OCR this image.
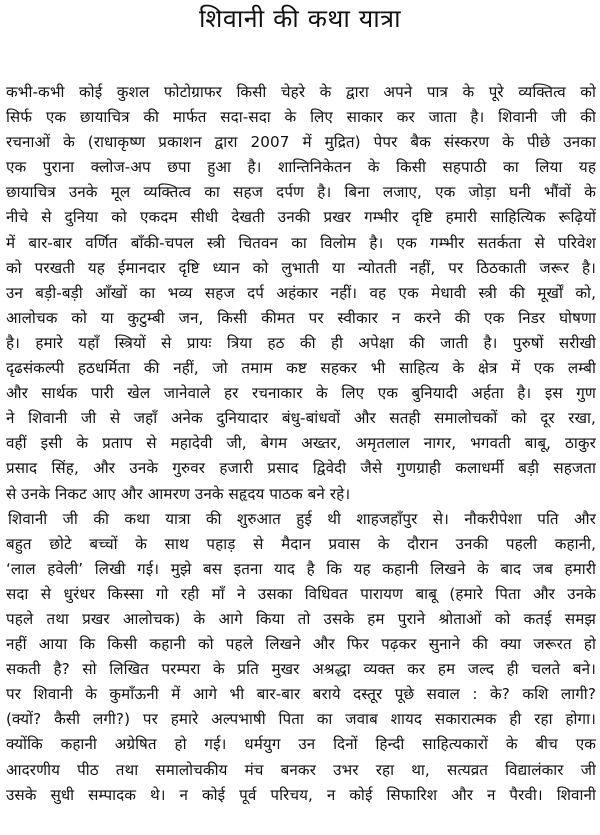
शिवानी की कथा यात्रा
कभी-कभी कोई कुशल फोटोग्राफर किसी चेहरे के द्वारा अपने पात्र के पूरे व्यक्तित्व को
सिर्फ एक छायाचित्र की मार्फत सदा-सदा के लिए साकार कर जाता है। शिवानी जी की
रचनाओं के (राधाकृष्ण प्रकाशन द्वारा 2007 में मुद्रित) पेपर बैक संस्करण के पीछे उनका
एक पुराना क्लोज-अप छपा हुआ है। शान्तिनिकेतन के किसी सहपाठी का लिया यह
छायाचित्र उनके मूल व्यक्तित्व का सहज दर्पण है। बिना लजाए, एक जोड़ा घनी भौंवों के
नीचे से दुनिया को एकदम सीधी देखती उनकी प्रखर गम्भीर दृष्टि हमारी साहित्यिक रूढ़ियों
में बार-बार वर्णित बाँकी-चपल स्त्री चितवन का विलोम है। एक गम्भीर सतर्कता से परिवेश
को परखती यह ईमानदार दृष्टि ध्यान को लुभाती या न्योतती नहीं, पर ठिठकाती जरूर है।
उन बड़ी-बड़ी आँखों का भव्य सहज दर्प अहंकार नहीं। वह एक मेधावी स्त्री की मूर्खों को,
आलोचक को या कुटुम्बी जन, किसी कीमत पर स्वीकार न करने की एक निडर घोषणा
है। हमारे यहाँ स्त्रियों से प्रायः त्रिया हठ की ही अपेक्षा की जाती है। पुरुषों सरीखी
दृढसंकल्पी हठधर्मिता की नहीं, जो तमाम कष्ट सहकर भी साहित्य के क्षेत्र में एक लम्बी
और सार्थक पारी खेल जानेवाले हर रचनाकार के लिए एक बुनियादी अर्हता है। इस गुण
ने शिवानी जी से जहाँ अनेक दुनियादार बंधु-बांधवों और सतही समालोचकों को दूर रखा,
वहीं इसी के प्रताप से महादेवी जी, बेगम अख्तर, अमृतलाल नागर, भगवती बाबू, ठाकुर
प्रसाद सिंह, और उनके गुरुवर हजारी प्रसाद द्विवेदी जैसे गुणग्राही कलाधर्मी बड़ी सहजता
से उनके निकट आए और आमरण उनके सहृदय पाठक बने रहे।
शिवानी जी की कथा यात्रा की शुरुआत हुई थी शाहजहाँपुर से। नौकरीपेशा पति और
बहुत छोटे बच्चों के साथ पहाड़ से मैदान प्रवास के दौरान उनकी पहली कहानी,
‘लाल हवेली’ लिखी गई। मुझे बस इतना याद है कि यह कहानी लिखने के बाद जब हमारी
सदा से धुरंधर किस्सा गो रही माँ ने उसका विधिवत पारायण बाबू (हमारे पिता और उनके
पहले तथा प्रखर आलोचक) के आगे किया तो उसके हम पुराने श्रोताओं को कतई समझ
नहीं आया कि किसी कहानी को पहले लिखने और फिर पढ़कर सुनाने की क्या जरूरत हो
सकती है? सो लिखित परम्परा के प्रति मुखर अश्रद्धा व्यक्त कर हम जल्द ही चलते बने।
पर शिवानी के कुमाँऊनी में आगे भी बार-बार बराये दस्तूर पूछे सवाल : के? कशि लागी?
(क्यों? कैसी लगी?) पर हमारे अल्पभाषी पिता का जवाब शायद सकारात्मक ही रहा होगा।
क्योंकि कहानी अग्रेषित हो गई। धर्मयुग उन दिनों हिन्दी साहित्यकारों के बीच एक
आदरणीय पीठ तथा समालोचकीय मंच बनकर उभर रहा था, सत्यव्रत विद्यालंकार जी
उसके सुधी सम्पादक थे। न कोई पूर्व परिचय, न कोई सिफारिश और न पैरवी। शिवानी
